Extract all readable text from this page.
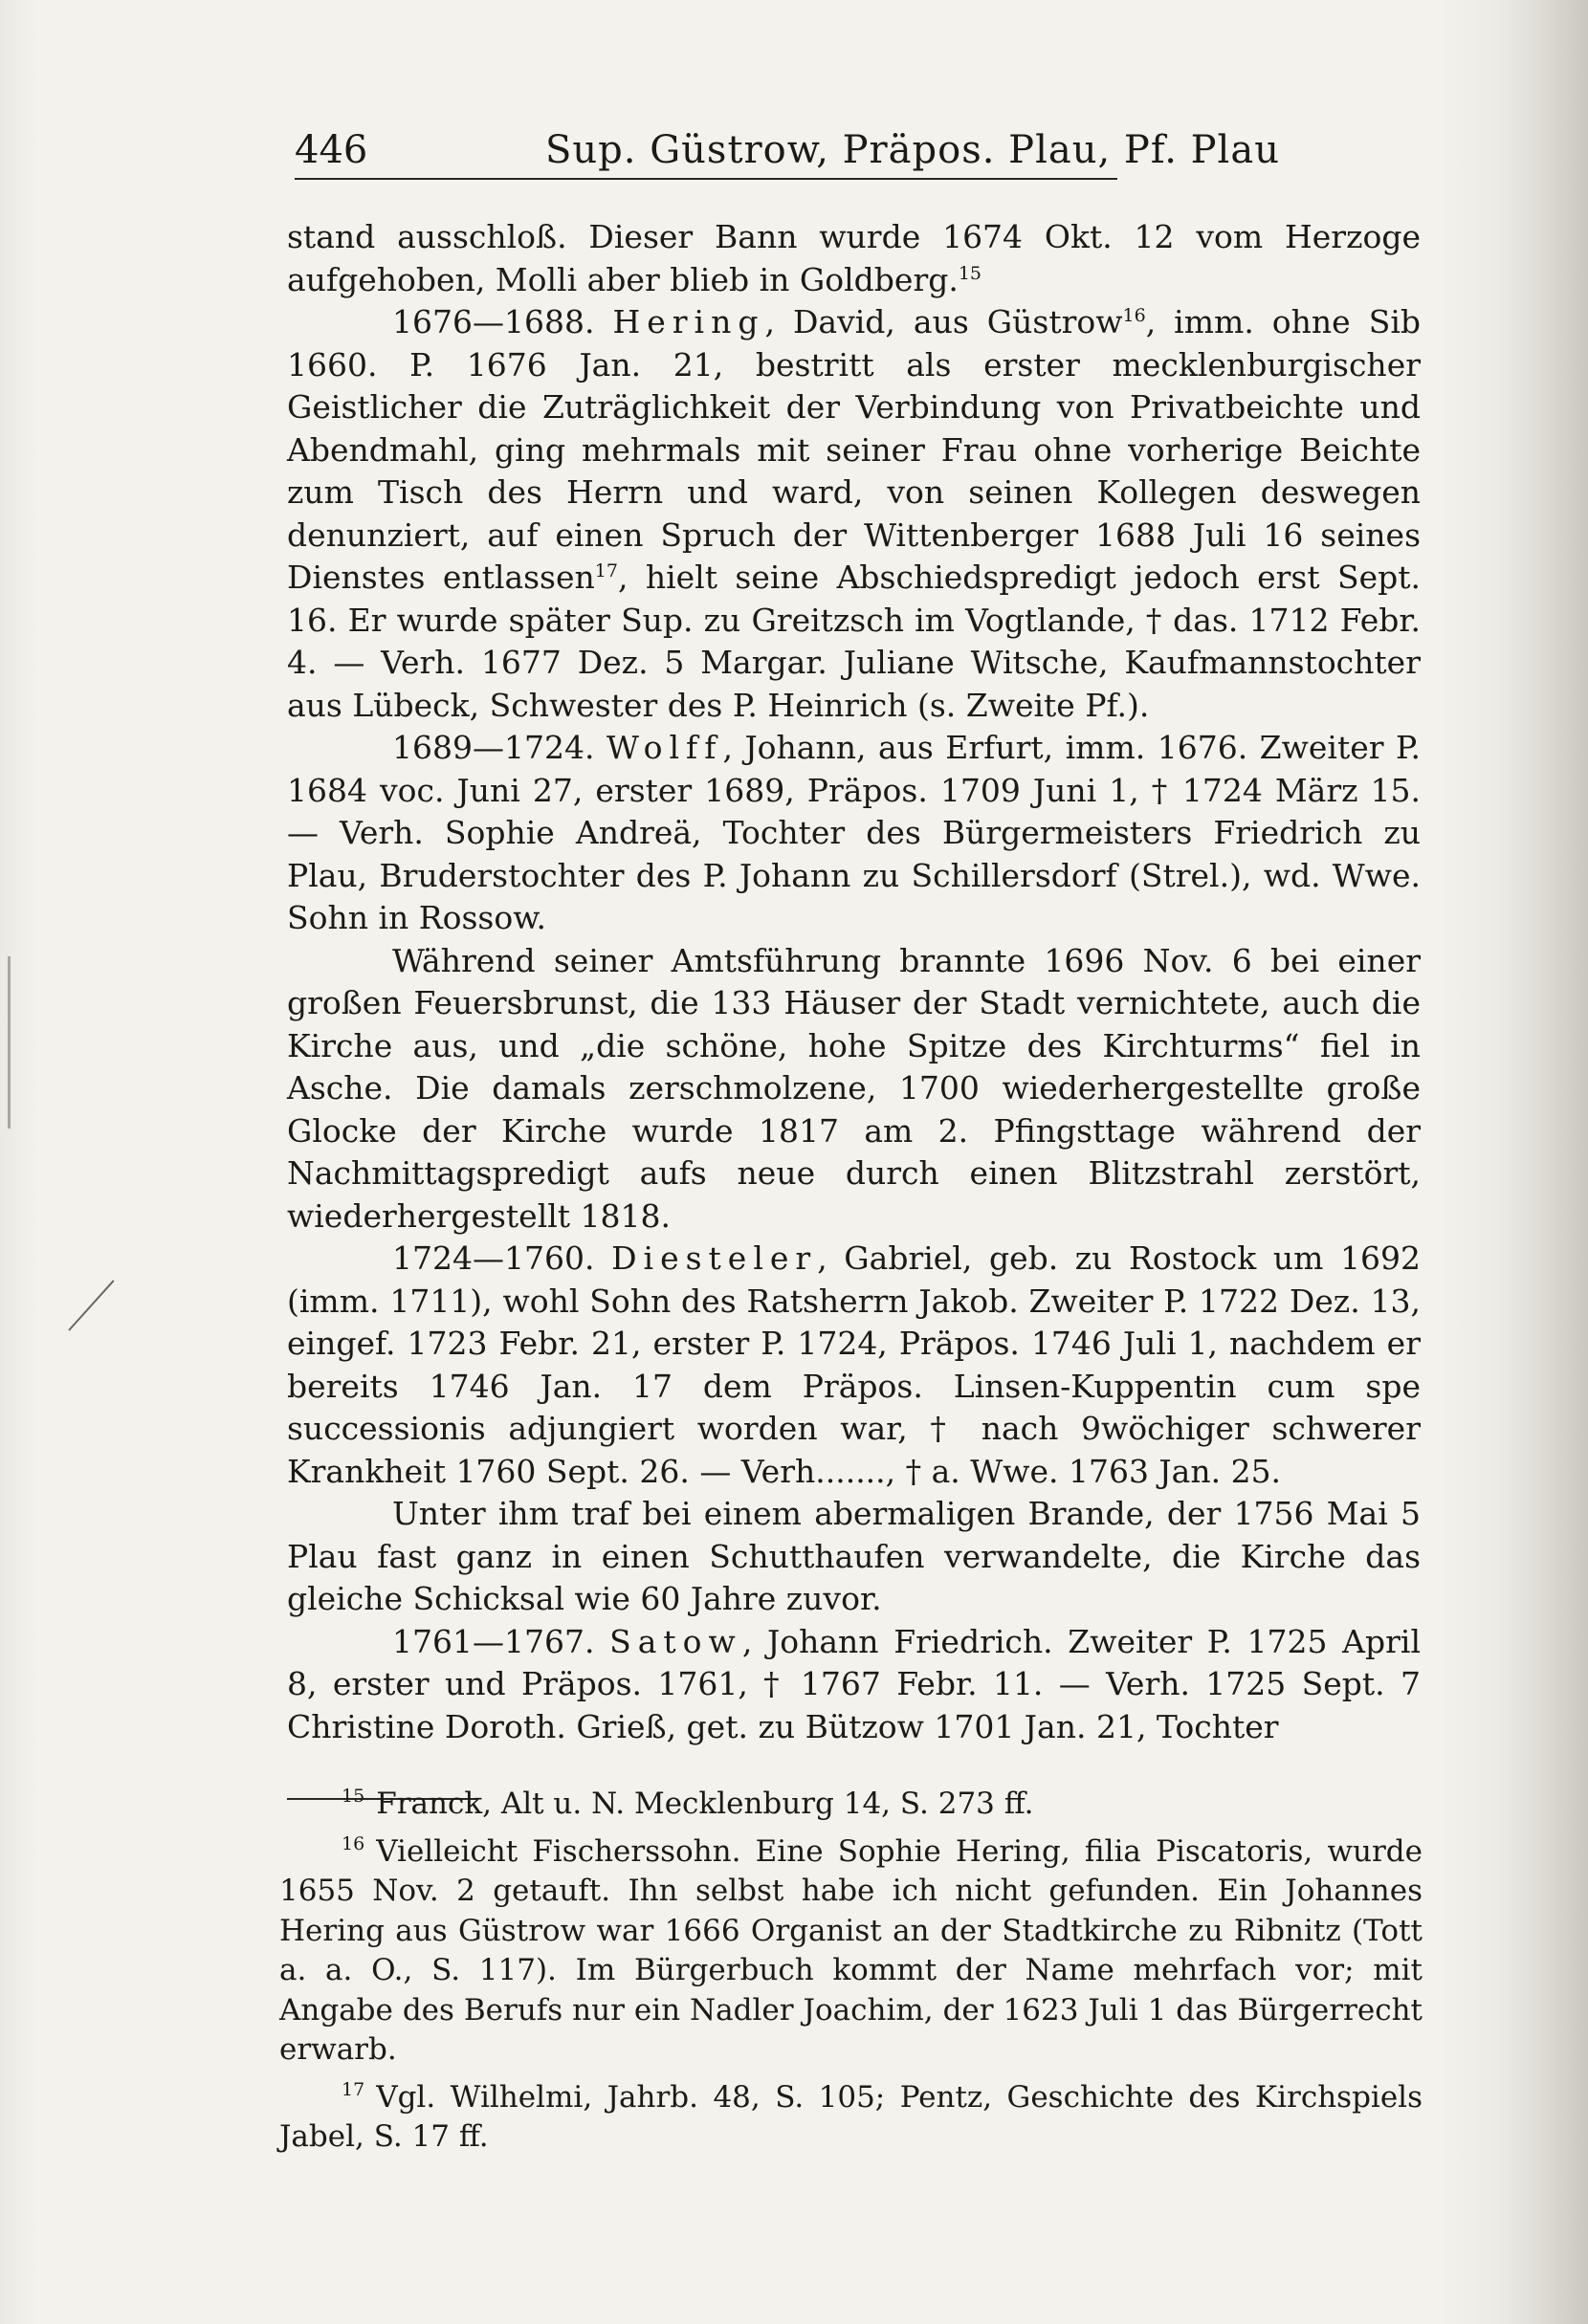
446	Sup. Güstrow, Präpos. Plau, Pf. Plau

stand ausschloß. Dieser Bann wurde 1674 Okt. 12 vom Herzoge aufgehoben, Molli aber blieb in Goldberg.$^{15}$

1676—1688. Hering, David, aus Güstrow$^{16}$, imm. ohne Sib 1660. P. 1676 Jan. 21, bestritt als erster mecklenburgischer Geistlicher die Zuträglichkeit der Verbindung von Privatbeichte und Abendmahl, ging mehrmals mit seiner Frau ohne vorherige Beichte zum Tisch des Herrn und ward, von seinen Kollegen deswegen denunziert, auf einen Spruch der Wittenberger 1688 Juli 16 seines Dienstes entlassen$^{17}$, hielt seine Abschiedspredigt jedoch erst Sept. 16. Er wurde später Sup. zu Greitzsch im Vogtlande, † das. 1712 Febr. 4. — Verh. 1677 Dez. 5 Margar. Juliane Witsche, Kaufmannstochter aus Lübeck, Schwester des P. Heinrich (s. Zweite Pf.).

1689—1724. Wolff, Johann, aus Erfurt, imm. 1676. Zweiter P. 1684 voc. Juni 27, erster 1689, Präpos. 1709 Juni 1, † 1724 März 15. — Verh. Sophie Andreä, Tochter des Bürgermeisters Friedrich zu Plau, Bruderstochter des P. Johann zu Schillersdorf (Strel.), wd. Wwe. Sohn in Rossow.

Während seiner Amtsführung brannte 1696 Nov. 6 bei einer großen Feuersbrunst, die 133 Häuser der Stadt vernichtete, auch die Kirche aus, und „die schöne, hohe Spitze des Kirchturms“ fiel in Asche. Die damals zerschmolzene, 1700 wiederhergestellte große Glocke der Kirche wurde 1817 am 2. Pfingsttage während der Nachmittagspredigt aufs neue durch einen Blitzstrahl zerstört, wiederhergestellt 1818.

1724—1760. Diesteler, Gabriel, geb. zu Rostock um 1692 (imm. 1711), wohl Sohn des Ratsherrn Jakob. Zweiter P. 1722 Dez. 13, eingef. 1723 Febr. 21, erster P. 1724, Präpos. 1746 Juli 1, nachdem er bereits 1746 Jan. 17 dem Präpos. Linsen-Kuppentin cum spe successionis adjungiert worden war, † nach 9wöchiger schwerer Krankheit 1760 Sept. 26. — Verh......., † a. Wwe. 1763 Jan. 25.

Unter ihm traf bei einem abermaligen Brande, der 1756 Mai 5 Plau fast ganz in einen Schutthaufen verwandelte, die Kirche das gleiche Schicksal wie 60 Jahre zuvor.

1761—1767. Satow, Johann Friedrich. Zweiter P. 1725 April 8, erster und Präpos. 1761, † 1767 Febr. 11. — Verh. 1725 Sept. 7 Christine Doroth. Grieß, get. zu Bützow 1701 Jan. 21, Tochter

$^{15}$ Franck, Alt u. N. Mecklenburg 14, S. 273 ff.

$^{16}$ Vielleicht Fischerssohn. Eine Sophie Hering, filia Piscatoris, wurde 1655 Nov. 2 getauft. Ihn selbst habe ich nicht gefunden. Ein Johannes Hering aus Güstrow war 1666 Organist an der Stadtkirche zu Ribnitz (Tott a. a. O., S. 117). Im Bürgerbuch kommt der Name mehrfach vor; mit Angabe des Berufs nur ein Nadler Joachim, der 1623 Juli 1 das Bürgerrecht erwarb.

$^{17}$ Vgl. Wilhelmi, Jahrb. 48, S. 105; Pentz, Geschichte des Kirchspiels Jabel, S. 17 ff.
